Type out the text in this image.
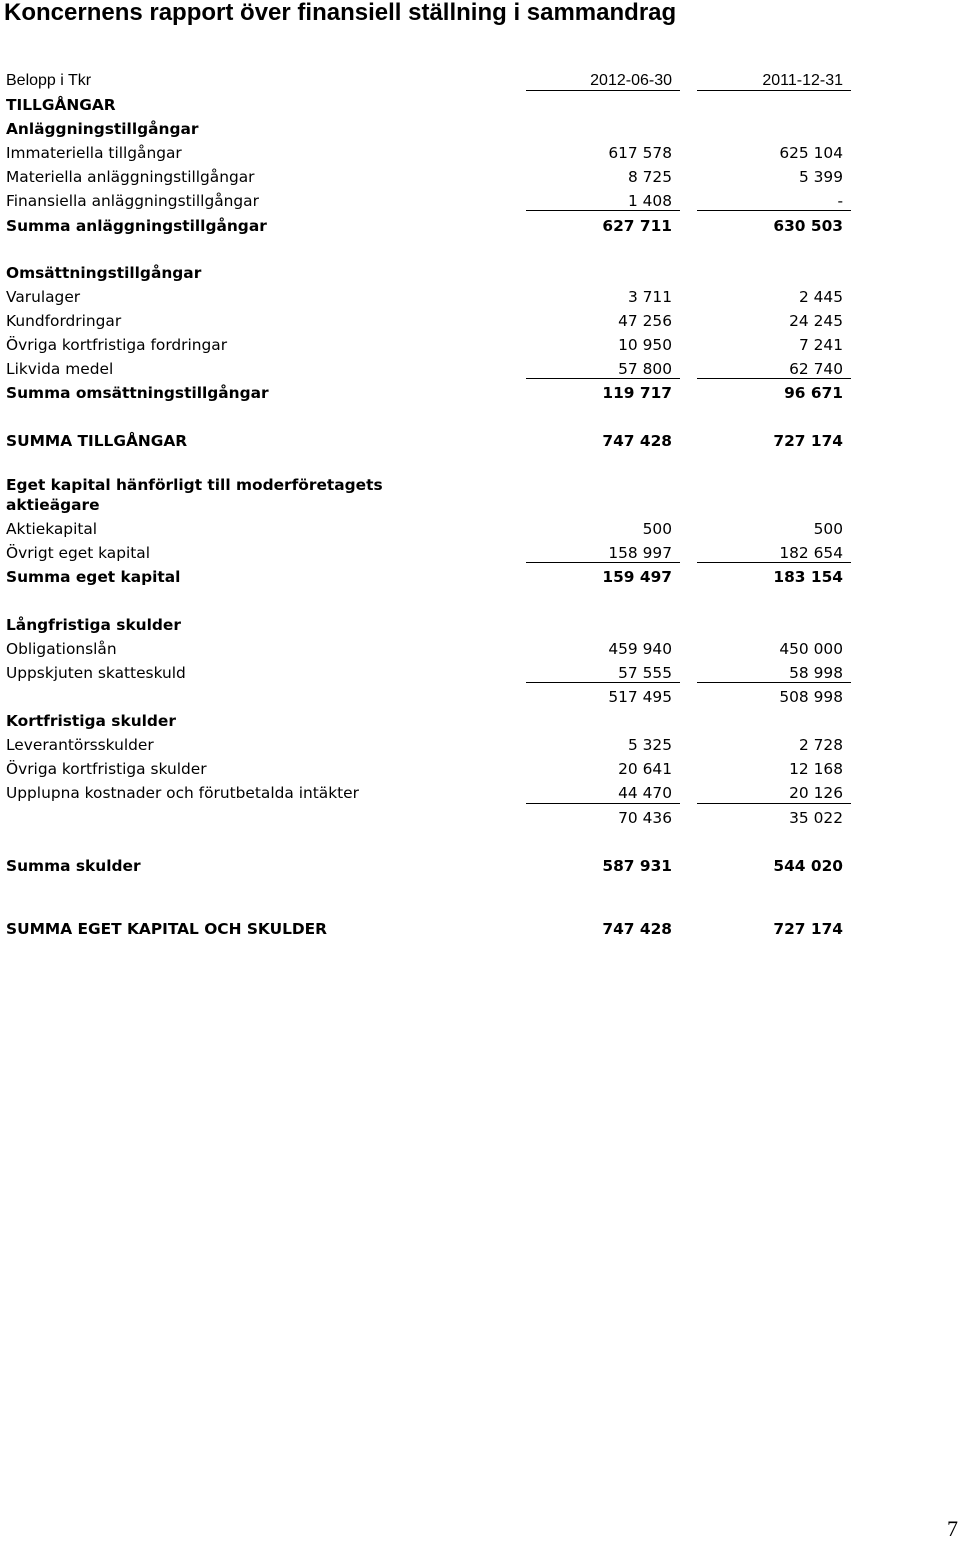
Koncernens rapport över finansiell ställning i sammandrag
Belopp i Tkr	2012-06-30	2011-12-31
TILLGÅNGAR
Anläggningstillgångar
Immateriella tillgångar	617 578	625 104
Materiella anläggningstillgångar	8 725	5 399
Finansiella anläggningstillgångar	1 408	-
Summa anläggningstillgångar	627 711	630 503
Omsättningstillgångar
Varulager	3 711	2 445
Kundfordringar	47 256	24 245
Övriga kortfristiga fordringar	10 950	7 241
Likvida medel	57 800	62 740
Summa omsättningstillgångar	119 717	96 671
SUMMA TILLGÅNGAR	747 428	727 174
Eget kapital hänförligt till moderföretagets
aktieägare
Aktiekapital	500	500
Övrigt eget kapital	158 997	182 654
Summa eget kapital	159 497	183 154
Långfristiga skulder
Obligationslån	459 940	450 000
Uppskjuten skatteskuld	57 555	58 998
517 495	508 998
Kortfristiga skulder
Leverantörsskulder	5 325	2 728
Övriga kortfristiga skulder	20 641	12 168
Upplupna kostnader och förutbetalda intäkter	44 470	20 126
70 436	35 022
Summa skulder	587 931	544 020
SUMMA EGET KAPITAL OCH SKULDER	747 428	727 174
7
